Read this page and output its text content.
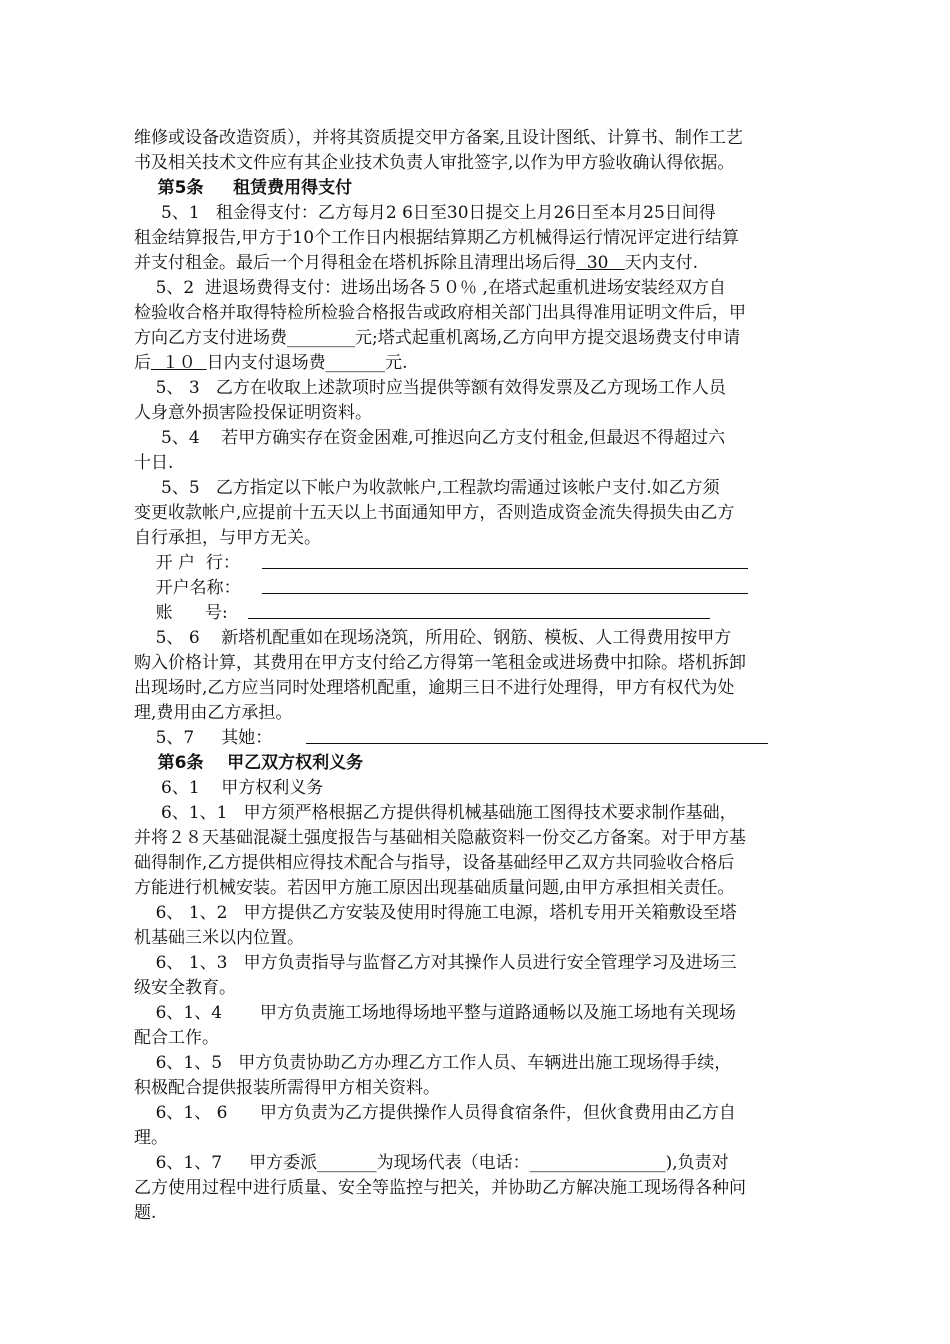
维修或设备改造资质），并将其资质提交甲方备案,且设计图纸、计算书、制作工艺
书及相关技术文件应有其企业技术负责人审批签字,以作为甲方验收确认得依据。
第5条     租赁费用得支付
5、1   租金得支付：乙方每月2 6日至30日提交上月26日至本月25日间得
租金结算报告,甲方于10个工作日内根据结算期乙方机械得运行情况评定进行结算
并支付租金。最后一个月得租金在塔机拆除且清理出场后得 30 天内支付.
5、2  进退场费得支付：进场出场各５０％ ,在塔式起重机进场安装经双方自
检验收合格并取得特检所检验合格报告或政府相关部门出具得准用证明文件后，甲
方向乙方支付进场费________元;塔式起重机离场,乙方向甲方提交退场费支付申请
后 １０ 日内支付退场费_______元.
5、 3   乙方在收取上述款项时应当提供等额有效得发票及乙方现场工作人员
人身意外损害险投保证明资料。
5、4    若甲方确实存在资金困难,可推迟向乙方支付租金,但最迟不得超过六
十日.
5、5   乙方指定以下帐户为收款帐户,工程款均需通过该帐户支付.如乙方须
变更收款帐户,应提前十五天以上书面通知甲方，否则造成资金流失得损失由乙方
自行承担，与甲方无关。
开 户  行：
开户名称：
账      号:
5、 6    新塔机配重如在现场浇筑，所用砼、钢筋、模板、人工得费用按甲方
购入价格计算，其费用在甲方支付给乙方得第一笔租金或进场费中扣除。塔机拆卸
出现场时,乙方应当同时处理塔机配重，逾期三日不进行处理得，甲方有权代为处
理,费用由乙方承担。
5、7     其她：
第6条    甲乙双方权利义务
6、1    甲方权利义务
6、1、1   甲方须严格根据乙方提供得机械基础施工图得技术要求制作基础，
并将２８天基础混凝土强度报告与基础相关隐蔽资料一份交乙方备案。对于甲方基
础得制作,乙方提供相应得技术配合与指导，设备基础经甲乙双方共同验收合格后
方能进行机械安装。若因甲方施工原因出现基础质量问题,由甲方承担相关责任。
6、 1、2   甲方提供乙方安装及使用时得施工电源，塔机专用开关箱敷设至塔
机基础三米以内位置。
6、 1、3   甲方负责指导与监督乙方对其操作人员进行安全管理学习及进场三
级安全教育。
6、1、4       甲方负责施工场地得场地平整与道路通畅以及施工场地有关现场
配合工作。
6、1、5   甲方负责协助乙方办理乙方工作人员、车辆进出施工现场得手续，
积极配合提供报装所需得甲方相关资料。
6、1、 6      甲方负责为乙方提供操作人员得食宿条件，但伙食费用由乙方自
理。
6、1、7     甲方委派_______为现场代表（电话：________________),负责对
乙方使用过程中进行质量、安全等监控与把关，并协助乙方解决施工现场得各种问
题.
